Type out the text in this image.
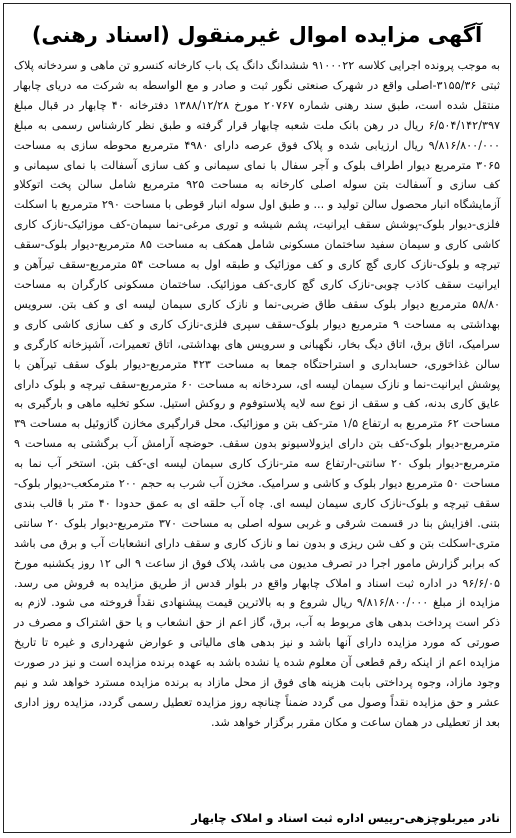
آگهی مزایده اموال غیرمنقول (اسناد رهنی)
به موجب پرونده اجرایی کلاسه ۹۱۰۰۰۲۲ ششدانگ دانگ یک باب کارخانه کنسرو تن ماهی و سردخانه پلاک ثبتی ۳۱۵۵/۳۶-اصلی واقع در شهرک صنعتی نگور ثبت و صادر و مع الواسطه به شرکت مه دریای چابهار منتقل شده است، طبق سند رهنی شماره ۲۰۷۶۷ مورخ ۱۳۸۸/۱۲/۲۸ دفترخانه ۴۰ چابهار در قبال مبلغ ۶/۵۰۴/۱۴۲/۳۹۷ ریال در رهن بانک ملت شعبه چابهار قرار گرفته و طبق نظر کارشناس رسمی به مبلغ ۹/۸۱۶/۸۰۰/۰۰۰ ریال ارزیابی شده و پلاک فوق عرصه دارای ۴۹۸۰ مترمربع محوطه سازی به مساحت ۳۰۶۵ مترمربع دیوار اطراف بلوک و آجر سفال با نمای سیمانی و کف سازی آسفالت با نمای سیمانی و کف سازی و آسفالت بتن سوله اصلی کارخانه به مساحت ۹۲۵ مترمربع شامل سالن پخت اتوکلاو آزمایشگاه انبار محصول سالن تولید و ... و طبق اول سوله انبار قوطی با مساحت ۲۹۰ مترمربع با اسکلت فلزی-دیوار بلوک-پوشش سقف ایرانیت، پشم شیشه و توری مرغی-نما سیمان-کف موزائیک-نازک کاری کاشی کاری و سیمان سفید ساختمان مسکونی شامل همکف به مساحت ۸۵ مترمربع-دیوار بلوک-سقف تیرچه و بلوک-نازک کاری گچ کاری و کف موزائیک و طبقه اول به مساحت ۵۴ مترمربع-سقف تیرآهن و ایرانیت سقف کاذب چوبی-نازک کاری گچ کاری-کف موزائیک. ساختمان مسکونی کارگران به مساحت ۵۸/۸۰ مترمربع دیوار بلوک سقف طاق ضربی-نما و نازک کاری سیمان لیسه ای و کف بتن. سرویس بهداشتی به مساحت ۹ مترمربع دیوار بلوک-سقف سپری فلزی-نازک کاری و کف سازی کاشی کاری و سرامیک، اتاق برق، اتاق دیگ بخار، نگهبانی و سرویس های بهداشتی، اتاق تعمیرات، آشپزخانه کارگری و سالن غذاخوری، حسابداری و استراحتگاه جمعا به مساحت ۴۲۳ مترمربع-دیوار بلوک سقف تیرآهن با پوشش ایرانیت-نما و نازک سیمان لیسه ای، سردخانه به مساحت ۶۰ مترمربع-سقف تیرچه و بلوک دارای عایق کاری بدنه، کف و سقف از نوع سه لایه پلاستوفوم و روکش استیل. سکو تخلیه ماهی و بارگیری به مساحت ۶۲ مترمربع به ارتفاع ۱/۵ متر-کف بتن و موزائیک. محل قرارگیری مخازن گازوئیل به مساحت ۳۹ مترمربع-دیوار بلوک-کف بتن دارای ایزولاسیونو بدون سقف. حوضچه آرامش آب برگشتی به مساحت ۹ مترمربع-دیوار بلوک ۲۰ سانتی-ارتفاع سه متر-نازک کاری سیمان لیسه ای-کف بتن. استخر آب نما به مساحت ۵۰ مترمربع دیوار بلوک و کاشی و سرامیک. مخزن آب شرب به حجم ۲۰۰ مترمکعب-دیوار بلوک-سقف تیرچه و بلوک-نازک کاری سیمان لیسه ای. چاه آب حلقه ای به عمق حدودا ۴۰ متر با قالب بندی بتنی. افزایش بنا در قسمت شرقی و غربی سوله اصلی به مساحت ۳۷۰ مترمربع-دیوار بلوک ۲۰ سانتی متری-اسکلت بتن و کف شن ریزی و بدون نما و نازک کاری و سقف دارای انشعابات آب و برق می باشد که برابر گزارش مامور اجرا در تصرف مدیون می باشد، پلاک فوق از ساعت ۹ الی ۱۲ روز یکشنبه مورخ ۹۶/۶/۰۵ در اداره ثبت اسناد و املاک چابهار واقع در بلوار قدس از طریق مزایده به فروش می رسد. مزایده از مبلغ ۹/۸۱۶/۸۰۰/۰۰۰ ریال شروع و به بالاترین قیمت پیشنهادی نقداً فروخته می شود. لازم به ذکر است پرداخت بدهی های مربوط به آب، برق، گاز اعم از حق انشعاب و یا حق اشتراک و مصرف در صورتی که مورد مزایده دارای آنها باشد و نیز بدهی های مالیاتی و عوارض شهرداری و غیره تا تاریخ مزایده اعم از اینکه رقم قطعی آن معلوم شده یا نشده باشد به عهده برنده مزایده است و نیز در صورت وجود مازاد، وجوه پرداختی بابت هزینه های فوق از محل مازاد به برنده مزایده مسترد خواهد شد و نیم عشر و حق مزایده نقداً وصول می گردد ضمناً چنانچه روز مزایده تعطیل رسمی گردد، مزایده روز اداری بعد از تعطیلی در همان ساعت و مکان مقرر برگزار خواهد شد.
نادر میربلوچزهی-رییس اداره ثبت اسناد و املاک چابهار
